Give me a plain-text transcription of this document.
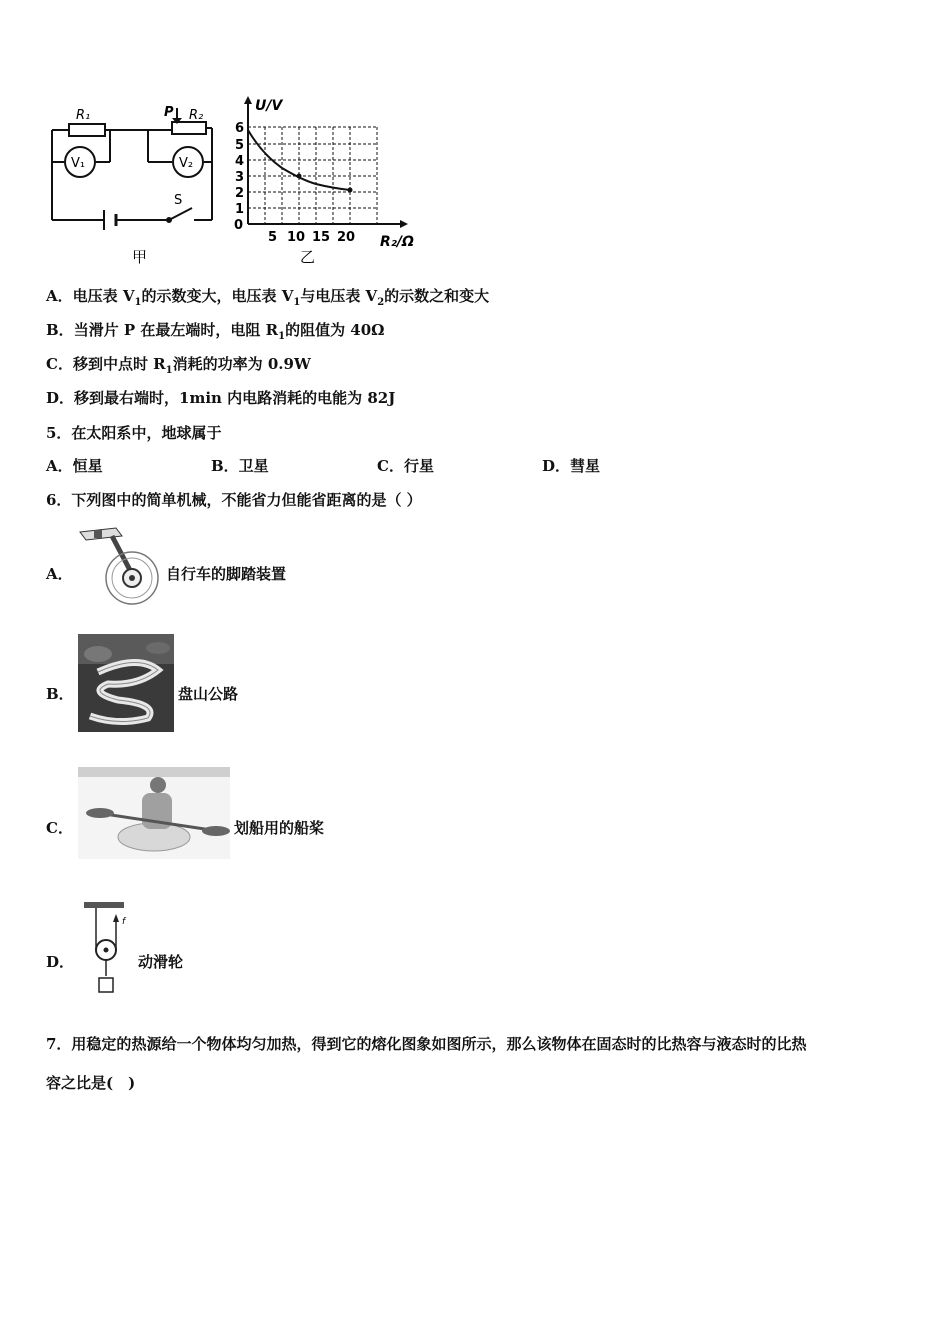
R₁	R₂
P
V₁	V₂
S
甲
U/V
R₂/Ω
0
1
2
3
4
5
6
5 10 15 20
乙
A．电压表 $V_1$的示数变大，电压表 $V_1$与电压表 $V_2$的示数之和变大
B．当滑片 P 在最左端时，电阻 $R_1$的阻值为 40Ω
C．移到中点时 $R_1$消耗的功率为 0.9W
D．移到最右端时，1min 内电路消耗的电能为 82J
5．在太阳系中，地球属于
A．恒星	B．卫星	C．行星	D．彗星
6．下列图中的简单机械，不能省力但能省距离的是（ ）
A．	自行车的脚踏装置
B．	盘山公路
C．	划船用的船桨
D．
f
动滑轮
7．用稳定的热源给一个物体均匀加热，得到它的熔化图象如图所示，那么该物体在固态时的比热容与液态时的比热
容之比是(　)
